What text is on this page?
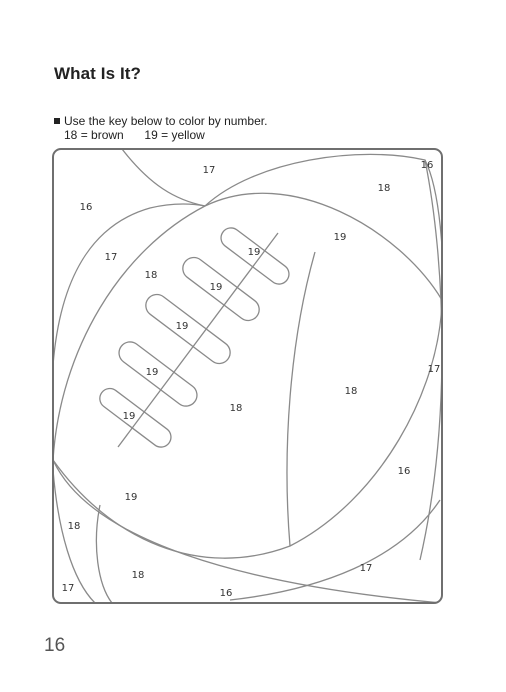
What Is It?
Use the key below to color by number.
18 = brown 19 = yellow
17	16
18
16
19
17
18
19
19
19
19
19
18
18
17
16
19
18
17
18
17	16
16
